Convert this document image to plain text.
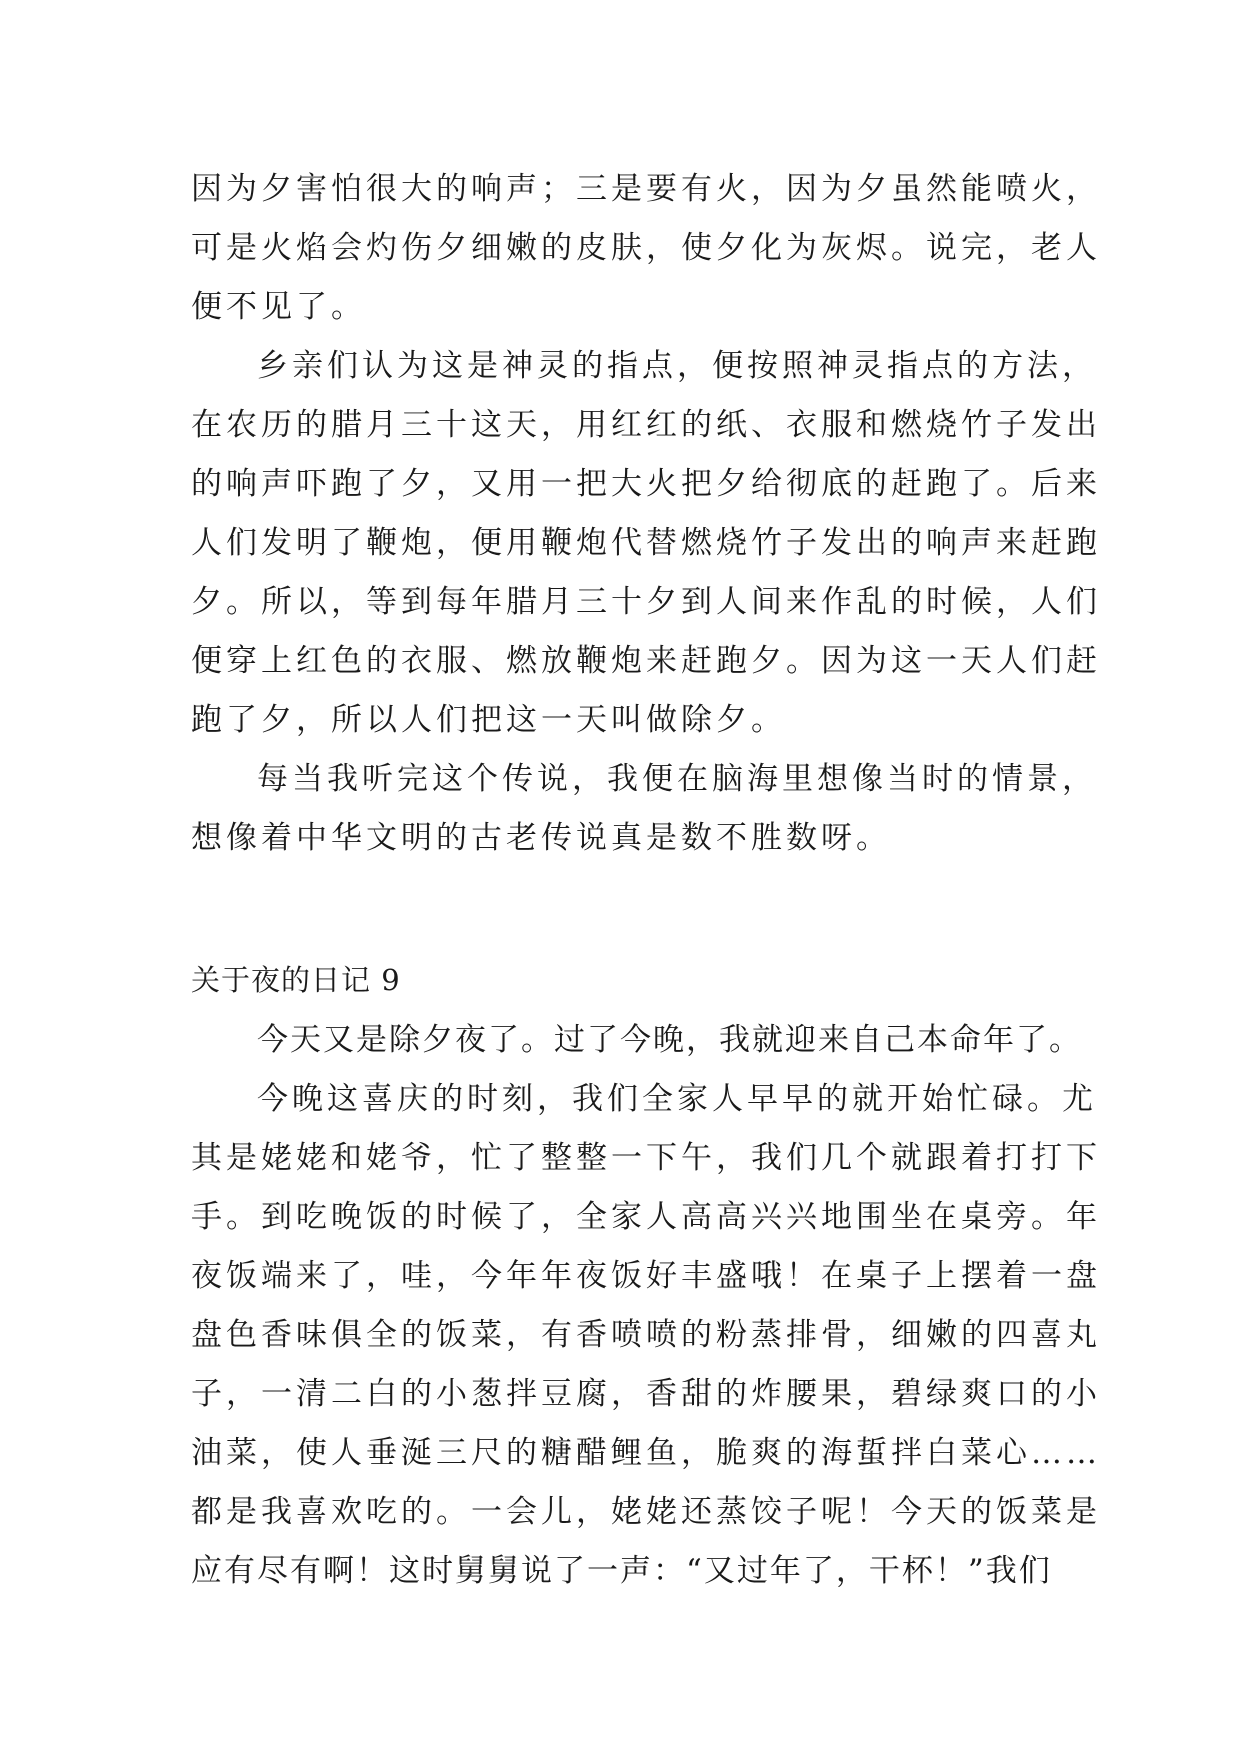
因为夕害怕很大的响声；三是要有火，因为夕虽然能喷火，
可是火焰会灼伤夕细嫩的皮肤，使夕化为灰烬。说完，老人
便不见了。
乡亲们认为这是神灵的指点，便按照神灵指点的方法，
在农历的腊月三十这天，用红红的纸、衣服和燃烧竹子发出
的响声吓跑了夕，又用一把大火把夕给彻底的赶跑了。后来
人们发明了鞭炮，便用鞭炮代替燃烧竹子发出的响声来赶跑
夕。所以，等到每年腊月三十夕到人间来作乱的时候，人们
便穿上红色的衣服、燃放鞭炮来赶跑夕。因为这一天人们赶
跑了夕，所以人们把这一天叫做除夕。
每当我听完这个传说，我便在脑海里想像当时的情景，
想像着中华文明的古老传说真是数不胜数呀。
关于夜的日记 9
今天又是除夕夜了。过了今晚，我就迎来自己本命年了。
今晚这喜庆的时刻，我们全家人早早的就开始忙碌。尤
其是姥姥和姥爷，忙了整整一下午，我们几个就跟着打打下
手。到吃晚饭的时候了，全家人高高兴兴地围坐在桌旁。年
夜饭端来了，哇，今年年夜饭好丰盛哦！在桌子上摆着一盘
盘色香味俱全的饭菜，有香喷喷的粉蒸排骨，细嫩的四喜丸
子，一清二白的小葱拌豆腐，香甜的炸腰果，碧绿爽口的小
油菜，使人垂涎三尺的糖醋鲤鱼，脆爽的海蜇拌白菜心……
都是我喜欢吃的。一会儿，姥姥还蒸饺子呢！今天的饭菜是
应有尽有啊！这时舅舅说了一声：“又过年了，干杯！”我们
